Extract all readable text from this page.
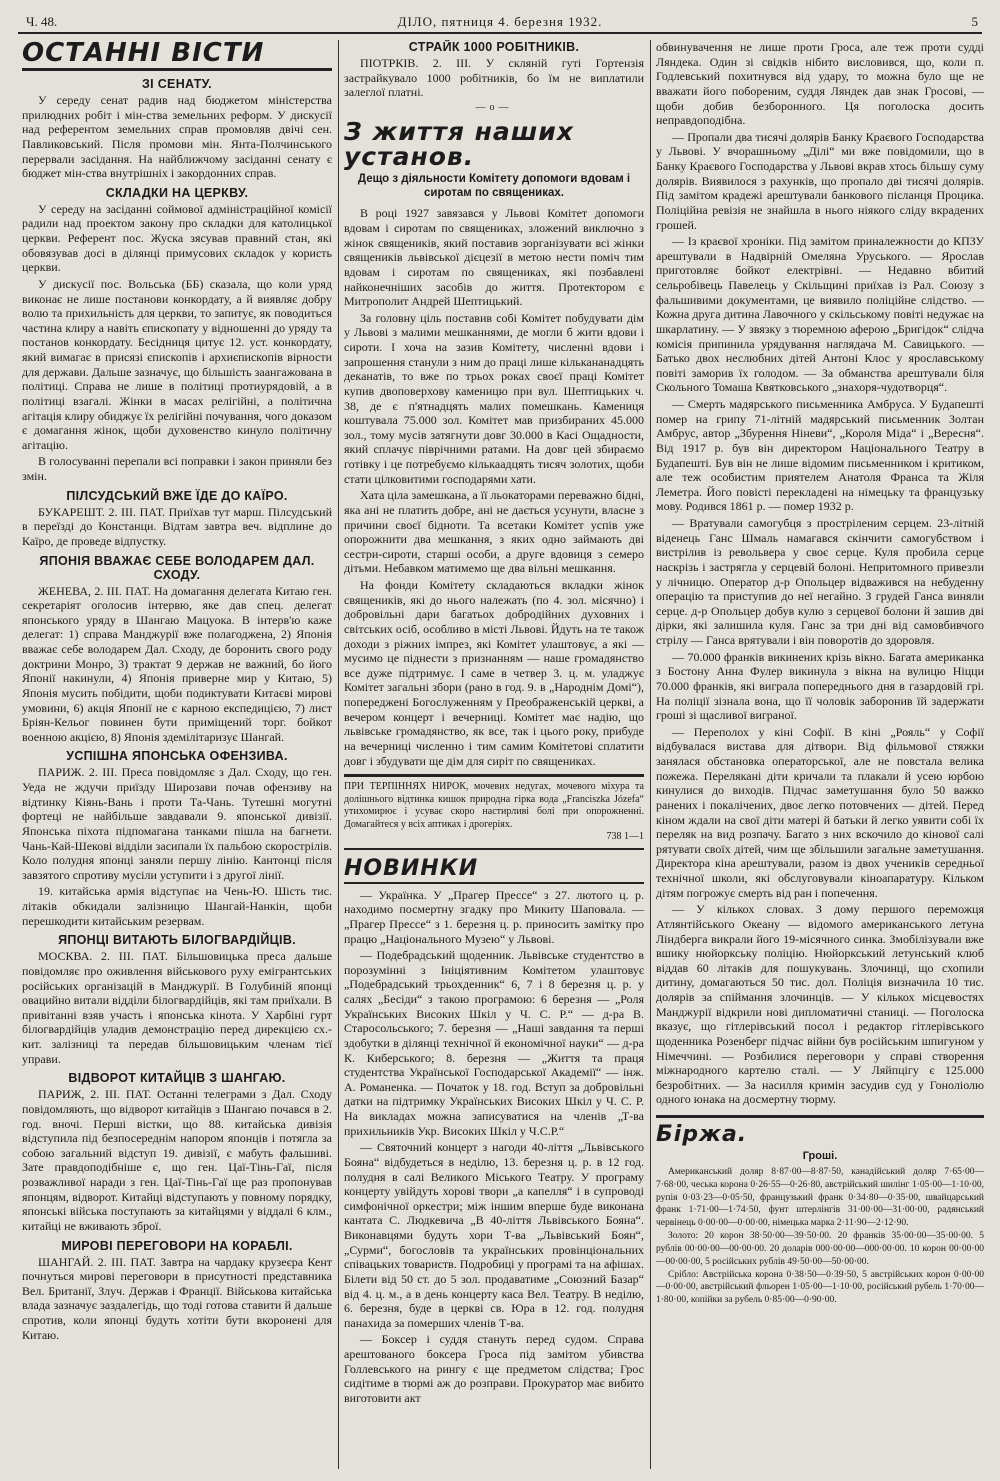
Ч. 48.	ДІЛО, пятниця 4. березня 1932.	5
ОСТАННІ ВІСТИ
ЗІ СЕНАТУ.

У середу сенат радив над бюджетом міністерства прилюдних робіт і мін-ства земельних реформ. У дискусії над референтом земельних справ промовляв двічі сен. Павликовський. Після промови мін. Янта-Полчинського перервали засідання. На найближчому засіданні сенату є бюджет мін-ства внутрішніх і закордонних справ.

СКЛАДКИ НА ЦЕРКВУ.

У середу на засіданні соймової адміністраційної комісії радили над проектом закону про складки для католицької церкви. Референт пос. Жуска зясував правний стан, які обовязував досі в ділянці примусових складок у користь церкви.

У дискусії пос. Вольська (ББ) сказала, що коли уряд виконає не лише постанови конкордату, а й виявляє добру волю та прихильність для церкви, то запитує, як поводиться частина клиру а навіть єпископату у відношенні до уряду та постанов конкордату. Бесідниця цитує 12. уст. конкордату, який вимагає в присязі єпископів і архиєпископів вірности для держави. Дальше зазначує, що більшість заангажована в політиці. Справа не лише в політиці протиурядовій, а в політиці взагалі. Жінки в масах релігійні, а політична агітація клиру обиджує їх релігійні почування, чого доказом є домагання жінок, щоби духовенство кинуло політичну агітацію.

В голосуванні перепали всі поправки і закон приняли без змін.

ПІЛСУДСЬКИЙ ВЖЕ ЇДЕ ДО КАЇРО.

БУКАРЕШТ. 2. ІІІ. ПАТ. Приїхав тут марш. Пілсудський в переїзді до Констанци. Відтам завтра веч. відплине до Каїро, де проведе відпустку.

ЯПОНІЯ ВВАЖАЄ СЕБЕ ВОЛОДАРЕМ ДАЛ. СХОДУ.

ЖЕНЕВА, 2. ІІІ. ПАТ. На домагання делегата Китаю ген. секретаріят оголосив інтервю, яке дав спец. делегат японського уряду в Шангаю Мацуока. В інтерв'ю каже делегат: 1) справа Манджурії вже полагоджена, 2) Японія вважає себе володарем Дал. Сходу, де боронить свого роду доктрини Монро, 3) трактат 9 держав не важний, бо його Японії накинули, 4) Японія приверне мир у Китаю, 5) Японія мусить побідити, щоби подиктувати Китаєві мирові умовини, 6) акція Японії не є карною експедицією, 7) лист Бріян-Кельог повинен бути приміщений торг. бойкот военною акцією, 8) Японія здемілітаризує Шангай.

УСПІШНА ЯПОНСЬКА ОФЕНЗИВА.

ПАРИЖ. 2. ІІІ. Преса повідомляє з Дал. Сходу, що ген. Уеда не ждучи приїзду Широзави почав офензиву на відтинку Кіянь-Вань і проти Та-Чань. Тутешні могутні фортеці не найбільше завдавали 9. японської дивізії. Японська піхота підпомагана танками пішла на багнети. Чань-Кай-Шекові відділи засипали їх пальбою скорострілів. Коло полудня японці заняли першу лінію. Кантонці після завзятого спротиву мусіли уступити і з другої лінії.

19. китайська армія відступає на Чень-Ю. Шість тис. літаків обкидали залізницю Шангай-Нанкін, щоби перешкодити китайським резервам.

ЯПОНЦІ ВИТАЮТЬ БІЛОГВАРДІЙЦІВ.

МОСКВА. 2. ІІІ. ПАТ. Більшовицька преса дальше повідомляє про оживлення військового руху емігрантських російських організацій в Манджурії. В Голубиній японці овацийно витали відділи білогвардійців, які там приїхали. В привітанні взяв участь і японська кінота. У Харбіні гурт білогвардійців уладив демонстрацію перед дирекцією сх.-кит. залізниці та передав більшовицьким членам тієї управи.

ВІДВОРОТ КИТАЙЦІВ З ШАНГАЮ.

ПАРИЖ, 2. ІІІ. ПАТ. Останні телеграми з Дал. Сходу повідомляють, що відворот китайців з Шангаю почався в 2. год. вночі. Перші вістки, що 88. китайська дивізія відступила під безпосереднім напором японців і потягла за собою загальний відступ 19. дивізії, є мабуть фальшиві. Зате правдоподібніше є, що ген. Цаї-Тінь-Гаї, після розважливої наради з ген. Цаї-Тінь-Гаї ще раз пропонував японцям, відворот. Китайці відступають у повному порядку, японські війська поступають за китайцями у віддалі 6 клм., китайці не вживають зброї.

МИРОВІ ПЕРЕГОВОРИ НА КОРАБЛІ.

ШАНГАЙ. 2. ІІІ. ПАТ. Завтра на чардаку крузеєра Кент почнуться мирові переговори в присутності представника Вел. Британії, Злуч. Держав і Франції. Військова китайська влада зазначує заздалегідь, що тоді готова ставити й дальше спротив, коли японці будуть хотіти бути вкоронені для Китаю.

СТРАЙК 1000 РОБІТНИКІВ.

ПІОТРКІВ. 2. ІІІ. У скляній гуті Гортензія застрайкувало 1000 робітників, бо їм не виплатили залеглої платні.

—о—
З життя наших установ.
Дещо з діяльности Комітету допомоги вдовам і сиротам по священиках.

В році 1927 завязався у Львові Комітет допомоги вдовам і сиротам по священиках, зложений виключно з жінок священиків, який поставив зорганізувати всі жінки священиків львівської дієцезії в метою нести поміч тим вдовам і сиротам по священиках, які позбавлені найконечніших засобів до життя. Протектором є Митрополит Андрей Шептицький.

За головну ціль поставив собі Комітет побудувати дім у Львові з малими мешканнями, де могли б жити вдови і сироти. І хоча на зазив Комітету, численні вдови і запрошення станули з ним до праці лише кількананадцять деканатів, то вже по трьох роках своєї праці Комітет купив двоповерхову каменицю при вул. Шептицьких ч. 38, де є п'ятнадцять малих помешкань. Камениця коштувала 75.000 зол. Комітет мав призбираних 45.000 зол., тому мусів затягнути довг 30.000 в Касі Ощадности, який сплачує піврічними ратами. На довг цей збираємо готівку і це потребуємо кількаадцять тисяч золотих, щоби стати цілковитими господарями хати.

Хата ціла замешкана, а її льокаторами переважно бідні, яка ані не платить добре, ані не дається усунути, власне з причини своєї бідноти. Та всетаки Комітет успів уже опорожнити два мешкання, з яких одно займають дві сестри-сироти, старші особи, а друге вдовиця з семеро дітьми. Небавком матимемо ще два вільні мешкання.

На фонди Комітету складаються вкладки жінок священиків, які до нього належать (по 4. зол. місячно) і добровільні дари багатьох добродійних духовних і світських осіб, особливо в місті Львові. Йдуть на те також доходи з ріжних імпрез, які Комітет улаштовує, а які — мусимо це піднести з признанням — наше громадянство все дуже підтримує. І саме в четвер 3. ц. м. уладжує Комітет загальні збори (рано в год. 9. в „Народнім Домі“), попереджені Богослуженням у Преображенській церкві, а вечером концерт і вечерниці. Комітет має надію, що львівське громадянство, як все, так і цього року, прибуде на вечерниці численно і тим самим Комітетові сплатити довг і збудувати ще дім для сиріт по священиках.

ПРИ ТЕРПІННЯХ НИРОК, мочевих недугах, мочевого міхура та долішнього відтинка кишок природна гірка вода „Franciszka Józefa“ утихомирює і усуває скоро настирливі болі при опорожненні. Домагайтеся у всіх аптиках і дрогеріях.
738 1—1
НОВИНКИ

— Українка. У „Прагер Прессе“ з 27. лютого ц. р. находимо посмертну згадку про Микиту Шаповала. — „Прагер Прессе“ з 1. березня ц. р. приносить замітку про працю „Національного Музею“ у Львові.

— Подебрадський щоденник. Львівське студентство в порозумінні з Ініціятивним Комітетом улаштовує „Подебрадський трьохденник“ 6, 7 і 8 березня ц. р. у салях „Бесіди“ з такою програмою: 6 березня — „Роля Українських Високих Шкіл у Ч. С. Р.“ — д-ра В. Старосольського; 7. березня — „Наші завдання та перші здобутки в ділянці технічної й економічної науки“ — д-ра К. Киберського; 8. березня — „Життя та праця студентства Української Господарської Академії“ — інж. А. Романенка. — Початок у 18. год. Вступ за добровільні датки на підтримку Українських Високих Шкіл у Ч. С. Р. На викладах можна записуватися на членів „Т-ва прихильників Укр. Високих Шкіл у Ч.С.Р.“

— Святочний концерт з нагоди 40-ліття „Львівського Бояна“ відбудеться в неділю, 13. березня ц. р. в 12 год. полудня в салі Великого Міського Театру. У програму концерту увійдуть хорові твори „а капелля“ і в супроводі симфонічної оркестри; між іншим вперше буде виконана кантата С. Людкевича „В 40-ліття Львівського Бояна“. Виконавцями будуть хори Т-ва „Львівський Боян“, „Сурми“, богословів та українських провінціональних співацьких товариств. Подробиці у програмі та на афішах. Білети від 50 ст. до 5 зол. продаватиме „Союзний Базар“ від 4. ц. м., а в день концерту каса Вел. Театру. В неділю, 6. березня, буде в церкві св. Юра в 12. год. полудня панахида за померших членів Т-ва.

— Боксер і суддя стануть перед судом. Справа арештованого боксера Гроса під замітом убивства Голлевського на рингу є ще предметом слідства; Грос сидітиме в тюрмі аж до розправи. Прокуратор має вибито виготовити акт

обвинувачення не лише проти Гроса, але теж проти судді Ляндека. Один зі свідків нібито висловився, що, коли п. Годлевський похитнувся від удару, то можна було ще не вважати його побореним, суддя Ляндек дав знак Гросові, — щоби добив безборонного. Ця поголоска досить неправдоподібна.

— Пропали два тисячі долярів Банку Краєвого Господарства у Львові. У вчорашньому „Ділі“ ми вже повідомили, що в Банку Краєвого Господарства у Львові вкрав хтось більшу суму долярів. Виявилося з рахунків, що пропало дві тисячі долярів. Під замітом крадежі арештували банкового післанця Процика. Поліційна ревізія не знайшла в нього ніякого сліду вкрадених грошей.

— Із краєвої хроніки. Під замітом приналежности до КПЗУ арештували в Надвірній Омеляна Уруського. — Ярослав приготовляє бойкот електрівні. — Недавно вбитий сельробівець Павелець у Скільщині приїхав із Рал. Союзу з фальшивими документами, це виявило поліційне слідство. — Кожна друга дитина Лавочного у скільському повіті недужає на шкарлатину. — У звязку з тюремною аферою „Бригідок“ слідча комісія припинила урядування наглядача М. Савицького. — Батько двох неслюбних дітей Антоні Клос у ярославському повіті заморив їх голодом. — За обманства арештували біля Скольного Томаша Квятковського „знахоря-чудотворця“.

— Смерть мадярського письменника Амбруса. У Будапешті помер на грипу 71-літній мадярський письменник Золтан Амбрус, автор „Збурення Ніневи“, „Короля Міда“ і „Вересня“. Від 1917 р. був він директором Національного Театру в Будапешті. Був він не лише відомим письменником і критиком, але теж особистим приятелем Анатоля Франса та Жіля Леметра. Його повісті перекладені на німецьку та французьку мову. Родився 1861 р. — помер 1932 р.

— Вратували самогубця з простріленим серцем. 23-літній віденець Ганс Шмаль намагався скінчити самогубством і вистрілив із револьвера у своє серце. Куля пробила серце наскрізь і застрягла у серцевій болоні. Непритомного привезли у лічницю. Оператор д-р Опольцер відважився на небуденну операцію та приступив до неї негайно. З грудей Ганса виняли серце. д-р Опольцер добув кулю з серцевої болони й зашив дві дірки, які залишила куля. Ганс за три дні від самовбивчого стрілу — Ганса врятували і він поворотів до здоровля.

— 70.000 франків викинених крізь вікно. Багата американка з Бостону Анна Фулер викинула з вікна на вулицю Ніцци 70.000 франків, які виграла попереднього дня в газардовій грі. На поліції зізнала вона, що її чоловік заборонив їй задержати гроші зі щасливої виграної.

— Переполох у кіні Софії. В кіні „Рояль“ у Софії відбувалася вистава для дітвори. Від фільмової стяжки занялася обстановка операторської, але не повстала велика пожежа. Перелякані діти кричали та плакали й усею юрбою кинулися до виходів. Підчас заметушання було 50 важко ранених і покалічених, двоє легко потовчених — дітей. Перед кіном ждали на свої діти матері й батьки й легко уявити собі їх переляк на вид розпачу. Багато з них вскочило до кінової салі рятувати своїх дітей, чим ще збільшили загальне заметушання. Директора кіна арештували, разом із двох учеників середньої технічної школи, які обслуговували кіноапаратуру. Кільком дітям погрожує смерть від ран і попечення.

— У кількох словах. З дому першого переможця Атлянтійського Океану — відомого американського летуна Ліндберга викрали його 19-місячного синка. Змобілізували вже вшику нюйоркську поліцію. Нюйоркський летунський клюб віддав 60 літаків для пошукувань. Злочинці, що схопили дитину, домагаються 50 тис. дол. Поліція визначила 10 тис. долярів за спіймання злочинців. — У кількох місцевостях Манджурії відкрили нові дипломатичні станиці. — Поголоска вказує, що гітлерівський посол і редактор гітлерівського щоденника Розенберг підчас війни був російським шпигуном у Німеччині. — Розбилися переговори у справі створення міжнародного картелю сталі. — У Ляйпцігу є 125.000 безробітних. — За насилля кримін засудив суд у Гоноліолю одного юнака на досмертну тюрму.

Біржа.
Гроші.

Американський доляр 8·87·00—8·87·50, канадійський доляр 7·65·00—7·68·00, чеська корона 0·26·55—0·26·80, австрійський шилінг 1·05·00—1·10·00, рупія 0·03·23—0·05·50, французький франк 0·34·80—0·35·00, швайцарський франк 1·71·00—1·74·50, фунт штерлінгів 31·00·00—31·00·00, радянський червінець 0·00·00—0·00·00, німецька марка 2·11·90—2·12·90.

Золото: 20 корон 38·50·00—39·50·00. 20 франків 35·00·00—35·00·00. 5 рублів 00·00·00—00·00·00. 20 доларів 000·00·00—000·00·00. 10 корон 00·00·00—00·00·00, 5 російських рублів 49·50·00—50·00·00.

Срібло: Австрійська корона 0·38·50—0·39·50, 5 австрійських корон 0·00·00—0·00·00, австрійський фльорен 1·05·00—1·10·00, російський рубель 1·70·00—1·80·00, копійки за рубель 0·85·00—0·90·00.
